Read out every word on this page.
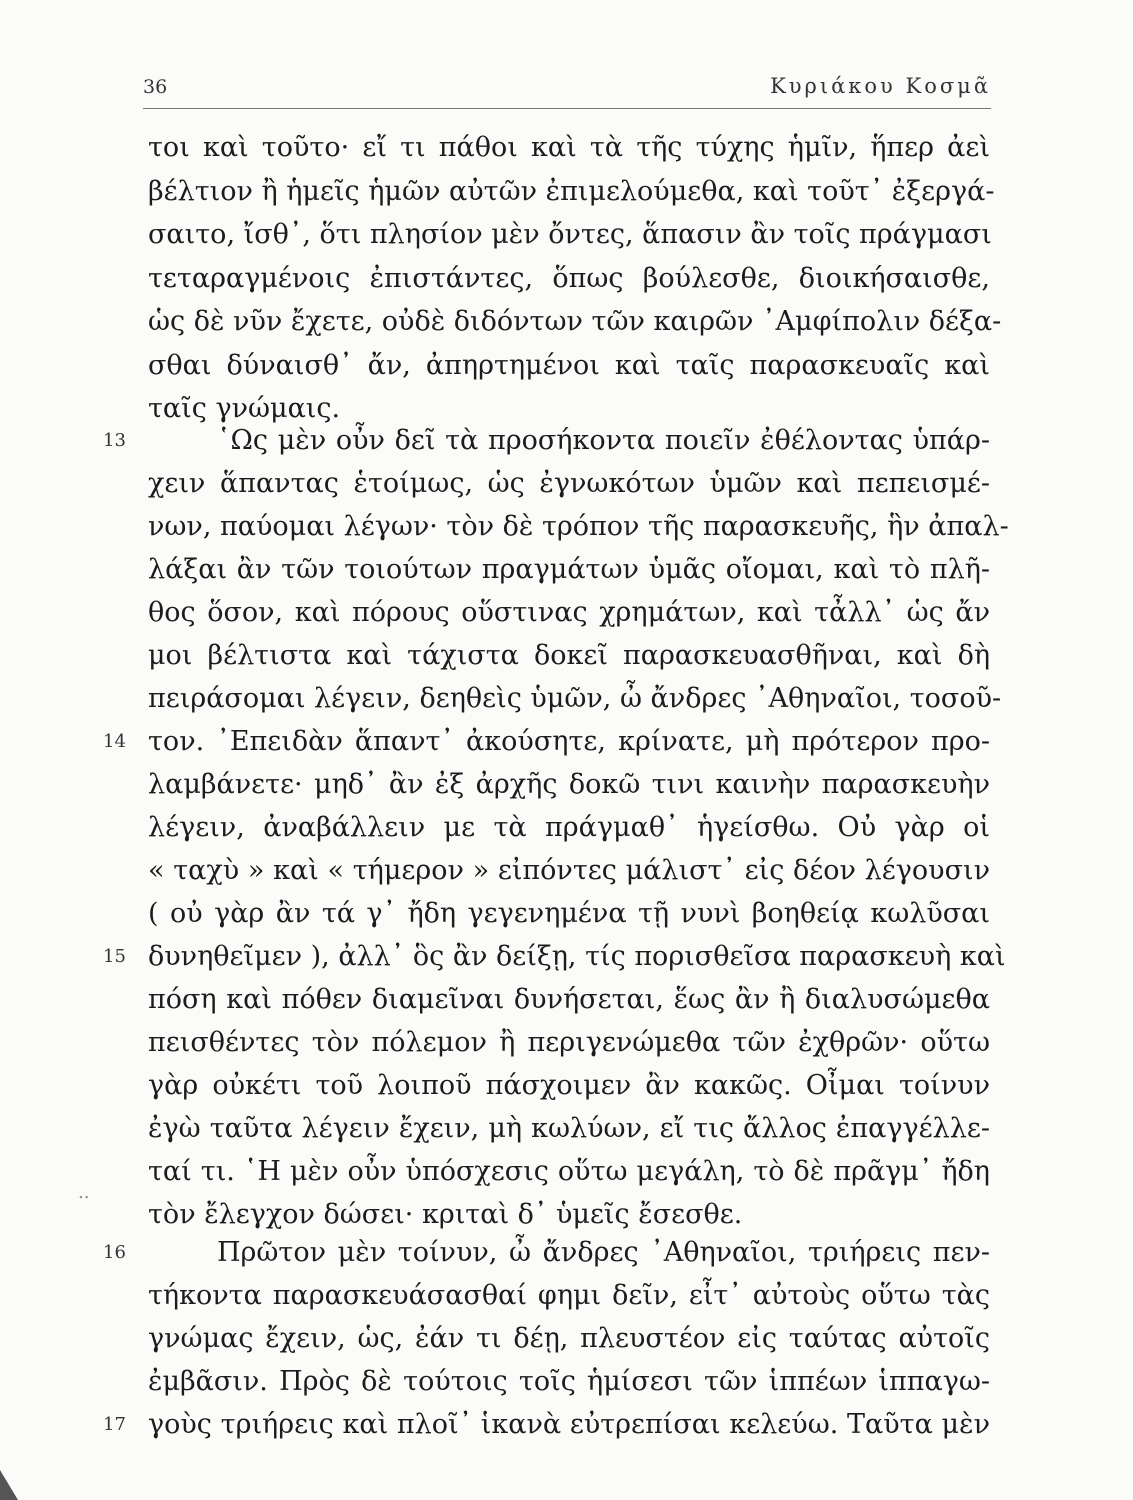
36	Κυριάκου Κοσμᾶ
τοι καὶ τοῦτο· εἴ τι πάθοι καὶ τὰ τῆς τύχης ἡμῖν, ἥπερ ἀεὶ
βέλτιον ἢ ἡμεῖς ἡμῶν αὐτῶν ἐπιμελούμεθα, καὶ τοῦτ᾽ ἐξεργά-
σαιτο, ἴσθ᾽, ὅτι πλησίον μὲν ὄντες, ἅπασιν ἂν τοῖς πράγμασι
τεταραγμένοις ἐπιστάντες, ὅπως βούλεσθε, διοικήσαισθε,
ὡς δὲ νῦν ἔχετε, οὐδὲ διδόντων τῶν καιρῶν ᾽Αμφίπολιν δέξα-
σθαι δύναισθ᾽ ἄν, ἀπηρτημένοι καὶ ταῖς παρασκευαῖς καὶ
ταῖς γνώμαις.
῾Ως μὲν οὖν δεῖ τὰ προσήκοντα ποιεῖν ἐθέλοντας ὑπάρ-
χειν ἅπαντας ἑτοίμως, ὡς ἐγνωκότων ὑμῶν καὶ πεπεισμέ-
νων, παύομαι λέγων· τὸν δὲ τρόπον τῆς παρασκευῆς, ἣν ἀπαλ-
λάξαι ἂν τῶν τοιούτων πραγμάτων ὑμᾶς οἴομαι, καὶ τὸ πλῆ-
θος ὅσον, καὶ πόρους οὕστινας χρημάτων, καὶ τἆλλ᾽ ὡς ἄν
μοι βέλτιστα καὶ τάχιστα δοκεῖ παρασκευασθῆναι, καὶ δὴ
πειράσομαι λέγειν, δεηθεὶς ὑμῶν, ὦ ἄνδρες ᾽Αθηναῖοι, τοσοῦ-
τον. ᾽Επειδὰν ἅπαντ᾽ ἀκούσητε, κρίνατε, μὴ πρότερον προ-
λαμβάνετε· μηδ᾽ ἂν ἐξ ἀρχῆς δοκῶ τινι καινὴν παρασκευὴν
λέγειν, ἀναβάλλειν με τὰ πράγμαθ᾽ ἡγείσθω. Οὐ γὰρ οἱ
« ταχὺ » καὶ « τήμερον » εἰπόντες μάλιστ᾽ εἰς δέον λέγουσιν
( οὐ γὰρ ἂν τά γ᾽ ἤδη γεγενημένα τῇ νυνὶ βοηθείᾳ κωλῦσαι
δυνηθεῖμεν ), ἀλλ᾽ ὃς ἂν δείξῃ, τίς πορισθεῖσα παρασκευὴ καὶ
πόση καὶ πόθεν διαμεῖναι δυνήσεται, ἕως ἂν ἢ διαλυσώμεθα
πεισθέντες τὸν πόλεμον ἢ περιγενώμεθα τῶν ἐχθρῶν· οὕτω
γὰρ οὐκέτι τοῦ λοιποῦ πάσχοιμεν ἂν κακῶς. Οἶμαι τοίνυν
ἐγὼ ταῦτα λέγειν ἔχειν, μὴ κωλύων, εἴ τις ἄλλος ἐπαγγέλλε-
ταί τι. ῾Η μὲν οὖν ὑπόσχεσις οὕτω μεγάλη, τὸ δὲ πρᾶγμ᾽ ἤδη
τὸν ἔλεγχον δώσει· κριταὶ δ᾽ ὑμεῖς ἔσεσθε.
Πρῶτον μὲν τοίνυν, ὦ ἄνδρες ᾽Αθηναῖοι, τριήρεις πεν-
τήκοντα παρασκευάσασθαί φημι δεῖν, εἶτ᾽ αὐτοὺς οὕτω τὰς
γνώμας ἔχειν, ὡς, ἐάν τι δέῃ, πλευστέον εἰς ταύτας αὐτοῖς
ἐμβᾶσιν. Πρὸς δὲ τούτοις τοῖς ἡμίσεσι τῶν ἱππέων ἱππαγω-
γοὺς τριήρεις καὶ πλοῖ᾽ ἱκανὰ εὐτρεπίσαι κελεύω. Ταῦτα μὲν
13
14
15
16
17
..
